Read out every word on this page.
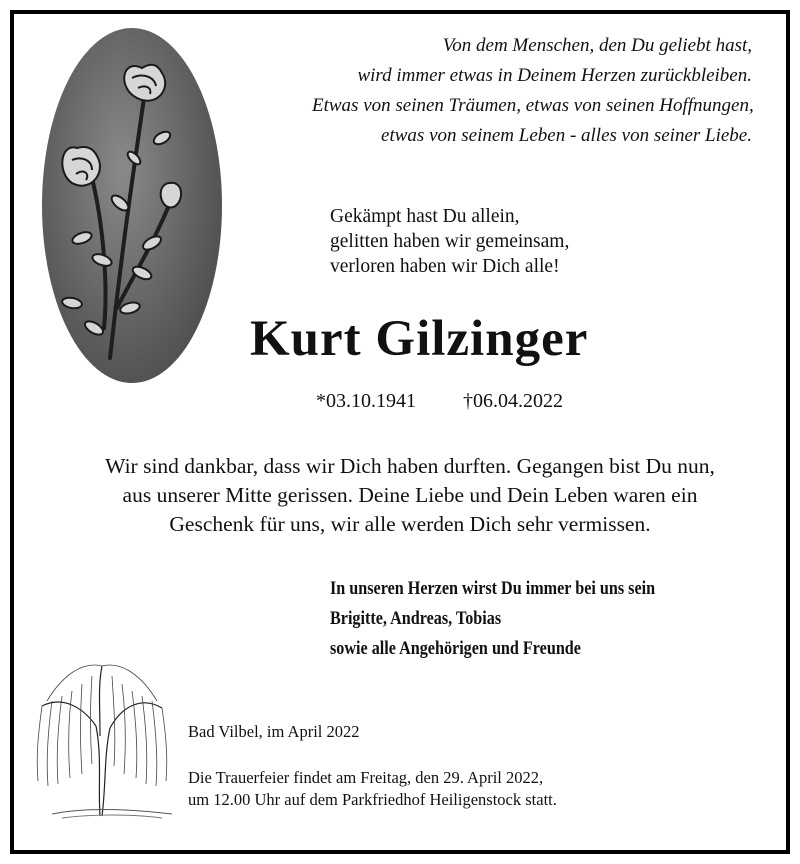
Von dem Menschen, den Du geliebt hast,
wird immer etwas in Deinem Herzen zurückbleiben.
Etwas von seinen Träumen, etwas von seinen Hoffnungen,
etwas von seinem Leben - alles von seiner Liebe.
Gekämpt hast Du allein,
gelitten haben wir gemeinsam,
verloren haben wir Dich alle!
Kurt Gilzinger
*03.10.1941 †06.04.2022
Wir sind dankbar, dass wir Dich haben durften. Gegangen bist Du nun,
aus unserer Mitte gerissen. Deine Liebe und Dein Leben waren ein
Geschenk für uns, wir alle werden Dich sehr vermissen.
In unseren Herzen wirst Du immer bei uns sein
Brigitte, Andreas, Tobias
sowie alle Angehörigen und Freunde
Bad Vilbel, im April 2022
Die Trauerfeier findet am Freitag, den 29. April 2022,
um 12.00 Uhr auf dem Parkfriedhof Heiligenstock statt.
